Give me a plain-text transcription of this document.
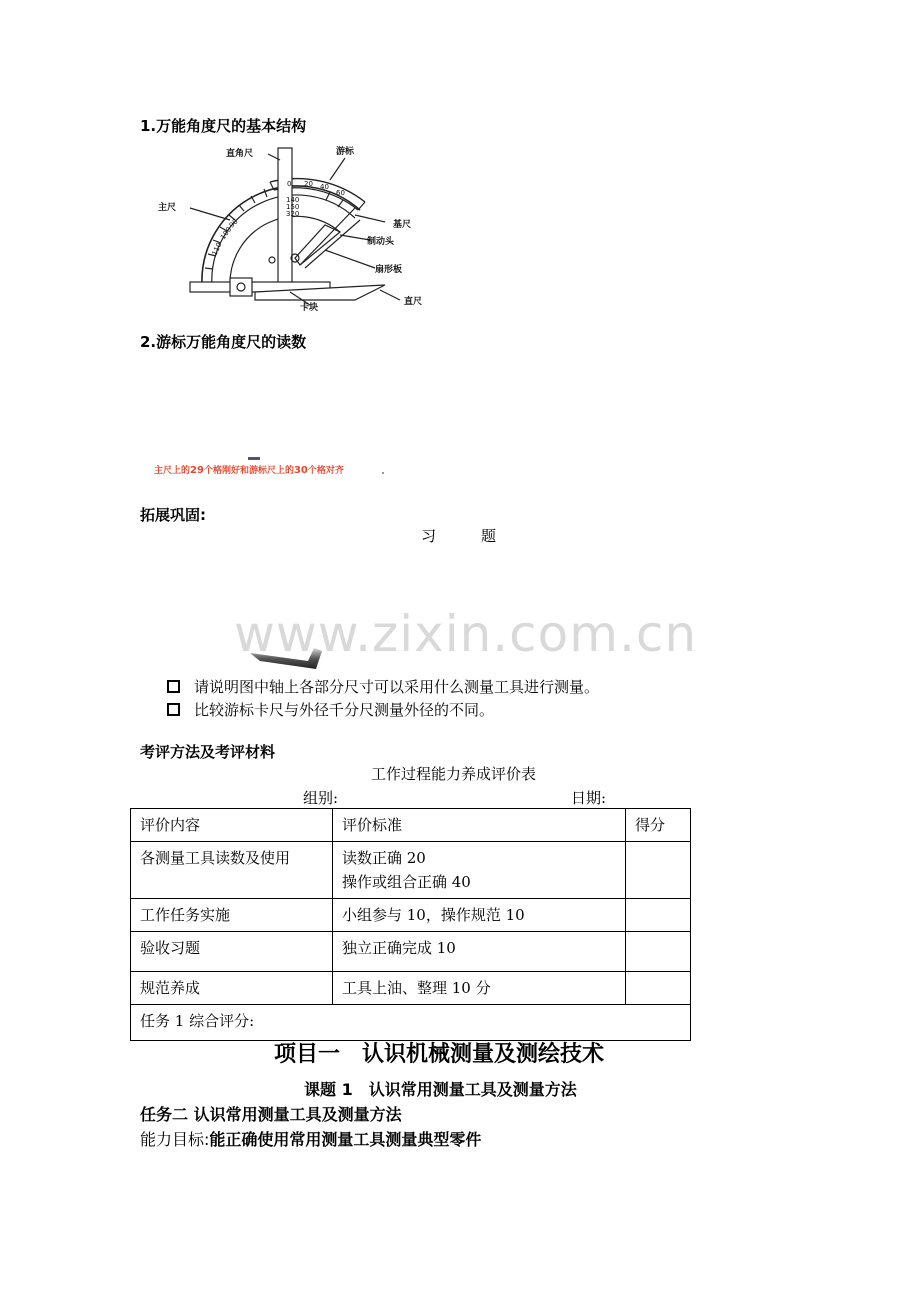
1.万能角度尺的基本结构
0 20 40
60
140
150
320
90
100
110
直角尺	游标
主尺
基尺
制动头
扇形板
卡块
直尺
2.游标万能角度尺的读数
主尺上的29个格刚好和游标尺上的30个格对齐
拓展巩固:
习　　　题
www.zixin.com.cn
请说明图中轴上各部分尺寸可以采用什么测量工具进行测量。
比较游标卡尺与外径千分尺测量外径的不同。
考评方法及考评材料
工作过程能力养成评价表
组别:	日期:
评价内容	评价标准	得分
各测量工具读数及使用	读数正确 20
操作或组合正确 40	

工作任务实施	小组参与 10，操作规范 10	
验收习题	独立正确完成 10	
规范养成	工具上油、整理 10 分	
任务 1 综合评分:		
项目一　认识机械测量及测绘技术
课题 1　认识常用测量工具及测量方法
任务二 认识常用测量工具及测量方法
能力目标:能正确使用常用测量工具测量典型零件
